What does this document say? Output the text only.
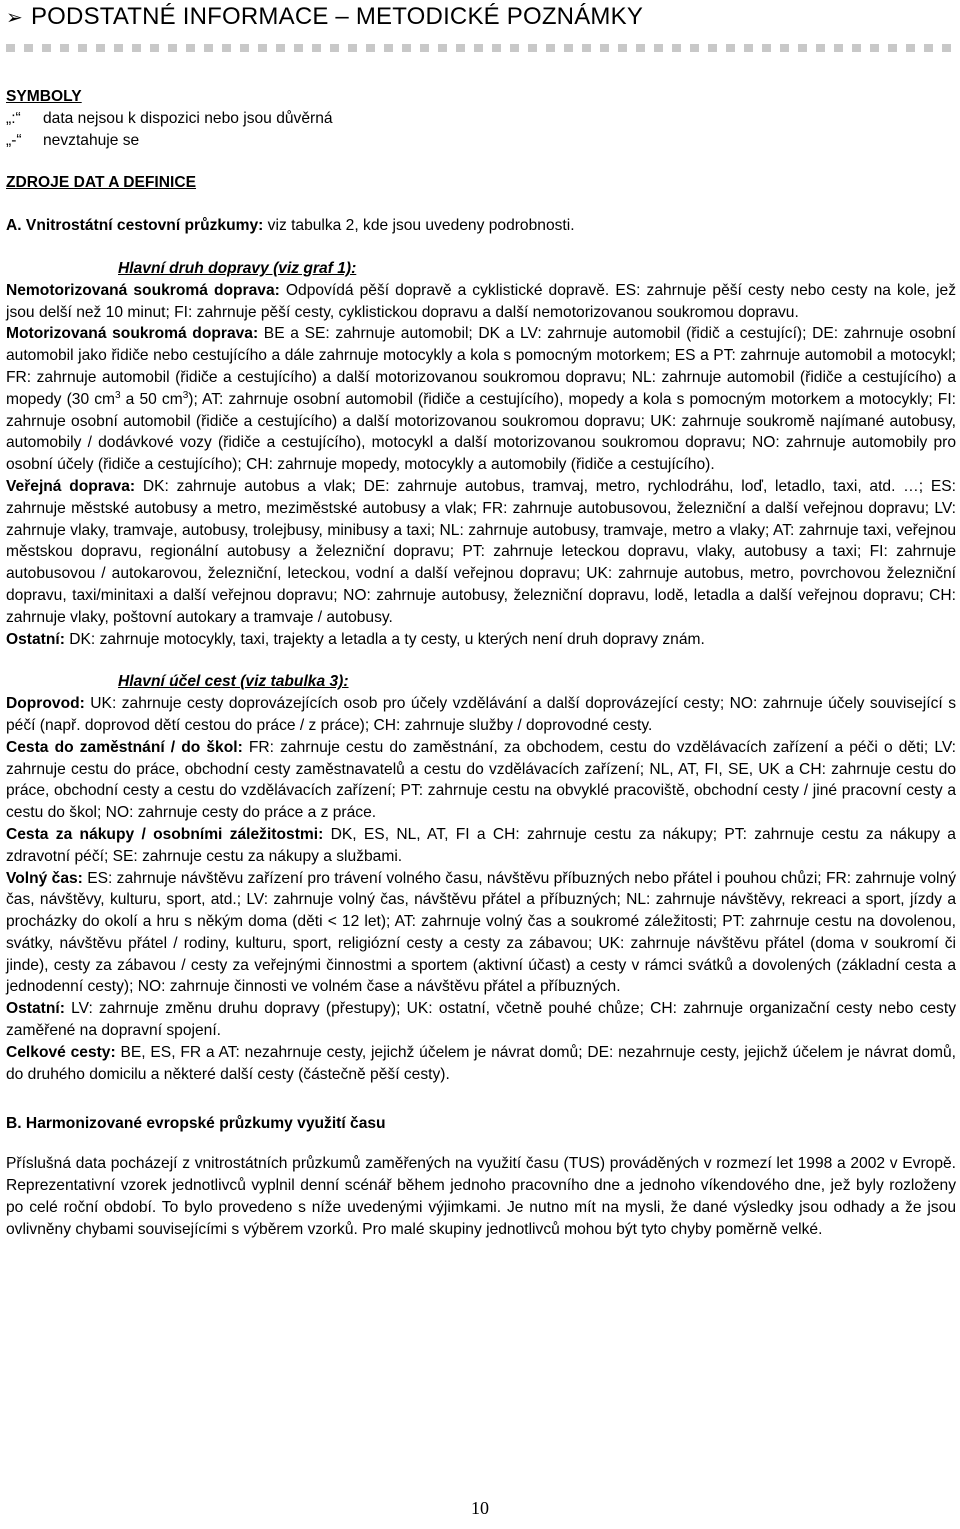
➢ PODSTATNÉ INFORMACE – METODICKÉ POZNÁMKY

SYMBOLY

„:“	data nejsou k dispozici nebo jsou důvěrná
„-“	nevztahuje se

ZDROJE DAT A DEFINICE

A. Vnitrostátní cestovní průzkumy: viz tabulka 2, kde jsou uvedeny podrobnosti.

Hlavní druh dopravy (viz graf 1):

Nemotorizovaná soukromá doprava: Odpovídá pěší dopravě a cyklistické dopravě. ES: zahrnuje pěší cesty nebo cesty na kole, jež jsou delší než 10 minut; FI: zahrnuje pěší cesty, cyklistickou dopravu a další nemotorizovanou soukromou dopravu.

Motorizovaná soukromá doprava: BE a SE: zahrnuje automobil; DK a LV: zahrnuje automobil (řidič a cestující); DE: zahrnuje osobní automobil jako řidiče nebo cestujícího a dále zahrnuje motocykly a kola s pomocným motorkem; ES a PT: zahrnuje automobil a motocykl; FR: zahrnuje automobil (řidiče a cestujícího) a další motorizovanou soukromou dopravu; NL: zahrnuje automobil (řidiče a cestujícího) a mopedy (30 $cm^3$ a 50 $cm^3$); AT: zahrnuje osobní automobil (řidiče a cestujícího), mopedy a kola s pomocným motorkem a motocykly; FI: zahrnuje osobní automobil (řidiče a cestujícího) a další motorizovanou soukromou dopravu; UK: zahrnuje soukromě najímané autobusy, automobily / dodávkové vozy (řidiče a cestujícího), motocykl a další motorizovanou soukromou dopravu; NO: zahrnuje automobily pro osobní účely (řidiče a cestujícího); CH: zahrnuje mopedy, motocykly a automobily (řidiče a cestujícího).

Veřejná doprava: DK: zahrnuje autobus a vlak; DE: zahrnuje autobus, tramvaj, metro, rychlodráhu, loď, letadlo, taxi, atd. …; ES: zahrnuje městské autobusy a metro, meziměstské autobusy a vlak; FR: zahrnuje autobusovou, železniční a další veřejnou dopravu; LV: zahrnuje vlaky, tramvaje, autobusy, trolejbusy, minibusy a taxi; NL: zahrnuje autobusy, tramvaje, metro a vlaky; AT: zahrnuje taxi, veřejnou městskou dopravu, regionální autobusy a železniční dopravu; PT: zahrnuje leteckou dopravu, vlaky, autobusy a taxi; FI: zahrnuje autobusovou / autokarovou, železniční, leteckou, vodní a další veřejnou dopravu; UK: zahrnuje autobus, metro, povrchovou železniční dopravu, taxi/minitaxi a další veřejnou dopravu; NO: zahrnuje autobusy, železniční dopravu, lodě, letadla a další veřejnou dopravu; CH: zahrnuje vlaky, poštovní autokary a tramvaje / autobusy.

Ostatní: DK: zahrnuje motocykly, taxi, trajekty a letadla a ty cesty, u kterých není druh dopravy znám.

Hlavní účel cest (viz tabulka 3):

Doprovod: UK: zahrnuje cesty doprovázejících osob pro účely vzdělávání a další doprovázející cesty; NO: zahrnuje účely související s péčí (např. doprovod dětí cestou do práce / z práce); CH: zahrnuje služby / doprovodné cesty.

Cesta do zaměstnání / do škol: FR: zahrnuje cestu do zaměstnání, za obchodem, cestu do vzdělávacích zařízení a péči o děti; LV: zahrnuje cestu do práce, obchodní cesty zaměstnavatelů a cestu do vzdělávacích zařízení; NL, AT, FI, SE, UK a CH: zahrnuje cestu do práce, obchodní cesty a cestu do vzdělávacích zařízení; PT: zahrnuje cestu na obvyklé pracoviště, obchodní cesty / jiné pracovní cesty a cestu do škol; NO: zahrnuje cesty do práce a z práce.

Cesta za nákupy / osobními záležitostmi: DK, ES, NL, AT, FI a CH: zahrnuje cestu za nákupy; PT: zahrnuje cestu za nákupy a zdravotní péčí; SE: zahrnuje cestu za nákupy a službami.

Volný čas: ES: zahrnuje návštěvu zařízení pro trávení volného času, návštěvu příbuzných nebo přátel i pouhou chůzi; FR: zahrnuje volný čas, návštěvy, kulturu, sport, atd.; LV: zahrnuje volný čas, návštěvu přátel a příbuzných; NL: zahrnuje návštěvy, rekreaci a sport, jízdy a procházky do okolí a hru s někým doma (děti < 12 let); AT: zahrnuje volný čas a soukromé záležitosti; PT: zahrnuje cestu na dovolenou, svátky, návštěvu přátel / rodiny, kulturu, sport, religiózní cesty a cesty za zábavou; UK: zahrnuje návštěvu přátel (doma v soukromí či jinde), cesty za zábavou / cesty za veřejnými činnostmi a sportem (aktivní účast) a cesty v rámci svátků a dovolených (základní cesta a jednodenní cesty); NO: zahrnuje činnosti ve volném čase a návštěvu přátel a příbuzných.

Ostatní: LV: zahrnuje změnu druhu dopravy (přestupy); UK: ostatní, včetně pouhé chůze; CH: zahrnuje organizační cesty nebo cesty zaměřené na dopravní spojení.

Celkové cesty: BE, ES, FR a AT: nezahrnuje cesty, jejichž účelem je návrat domů; DE: nezahrnuje cesty, jejichž účelem je návrat domů, do druhého domicilu a některé další cesty (částečně pěší cesty).

B. Harmonizované evropské průzkumy využití času

Příslušná data pocházejí z vnitrostátních průzkumů zaměřených na využití času (TUS) prováděných v rozmezí let 1998 a 2002 v Evropě. Reprezentativní vzorek jednotlivců vyplnil denní scénář během jednoho pracovního dne a jednoho víkendového dne, jež byly rozloženy po celé roční období. To bylo provedeno s níže uvedenými výjimkami. Je nutno mít na mysli, že dané výsledky jsou odhady a že jsou ovlivněny chybami souvisejícími s výběrem vzorků. Pro malé skupiny jednotlivců mohou být tyto chyby poměrně velké.

10
